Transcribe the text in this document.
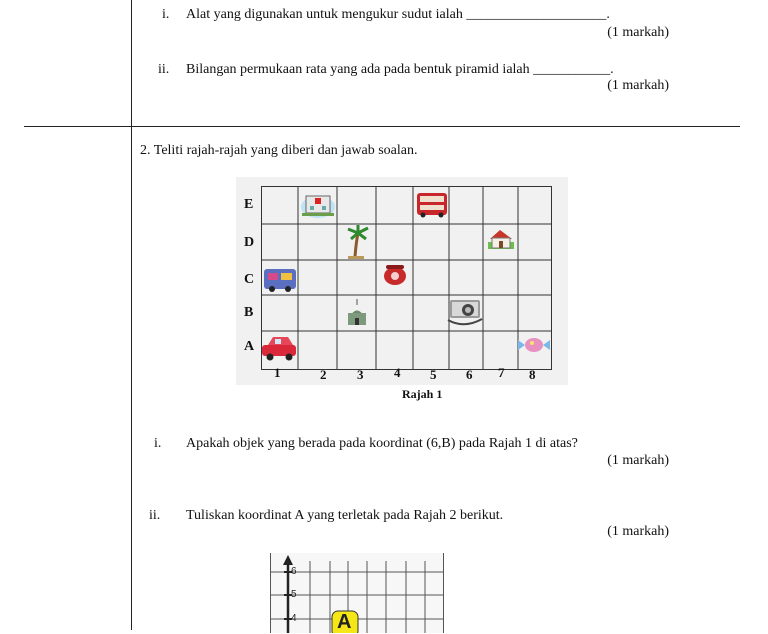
i. Alat yang digunakan untuk mengukur sudut ialah ____________________.
(1 markah)
ii. Bilangan permukaan rata yang ada pada bentuk piramid ialah ___________.
(1 markah)
2. Teliti rajah-rajah yang diberi dan jawab soalan.
E
D
C
B
A
1	2 3 4 5 6 7 8
Rajah 1
i. Apakah objek yang berada pada koordinat (6,B) pada Rajah 1 di atas?
(1 markah)
ii. Tuliskan koordinat A yang terletak pada Rajah 2 berikut.
(1 markah)
6
5
4 A
